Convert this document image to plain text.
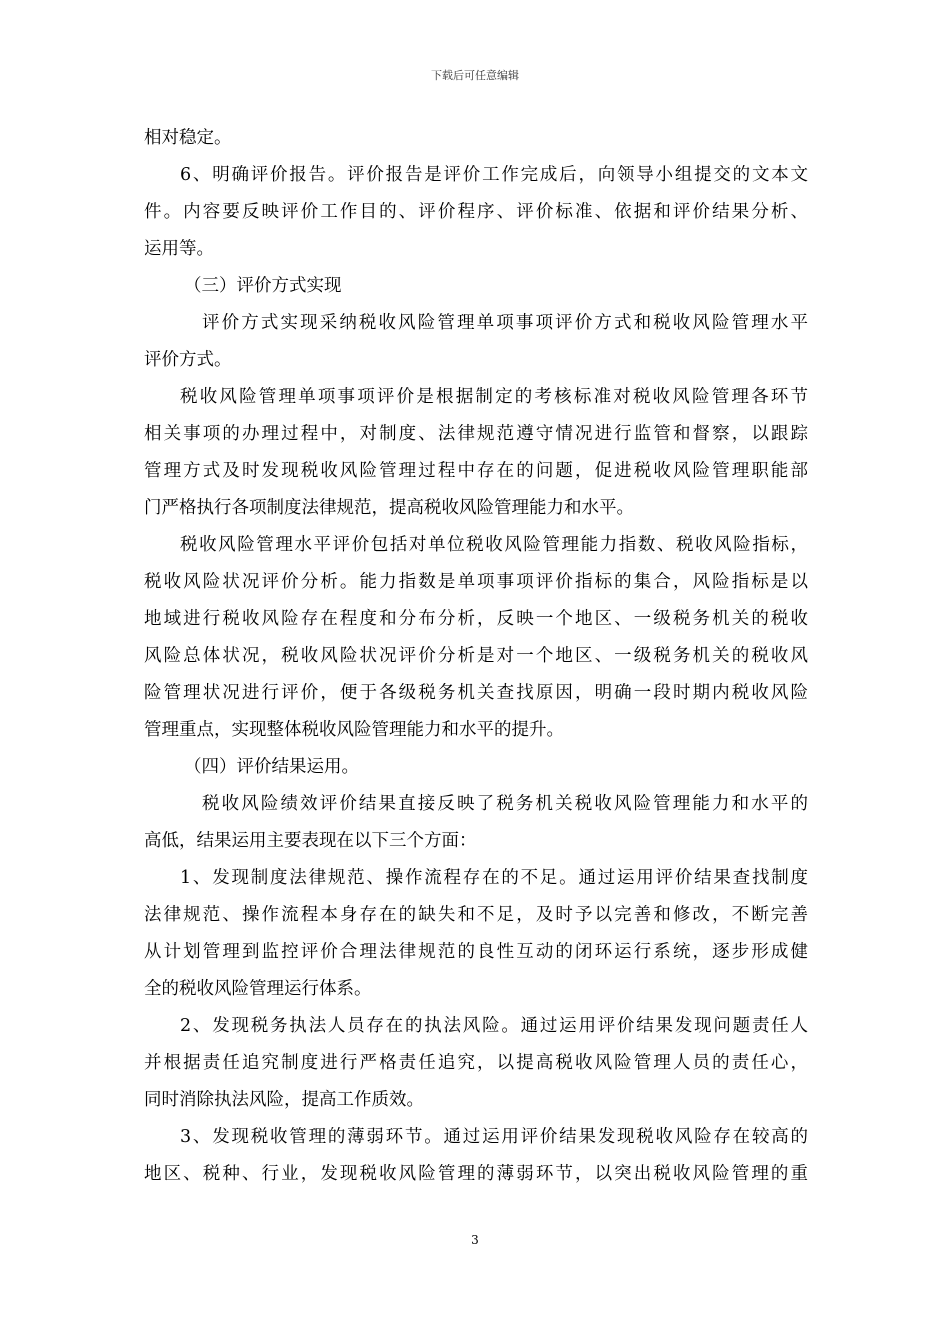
下载后可任意编辑
相对稳定。
6、明确评价报告。评价报告是评价工作完成后，向领导小组提交的文本文
件。内容要反映评价工作目的、评价程序、评价标准、依据和评价结果分析、
运用等。
（三）评价方式实现
评价方式实现采纳税收风险管理单项事项评价方式和税收风险管理水平
评价方式。
税收风险管理单项事项评价是根据制定的考核标准对税收风险管理各环节
相关事项的办理过程中，对制度、法律规范遵守情况进行监管和督察，以跟踪
管理方式及时发现税收风险管理过程中存在的问题，促进税收风险管理职能部
门严格执行各项制度法律规范，提高税收风险管理能力和水平。
税收风险管理水平评价包括对单位税收风险管理能力指数、税收风险指标，
税收风险状况评价分析。能力指数是单项事项评价指标的集合，风险指标是以
地域进行税收风险存在程度和分布分析，反映一个地区、一级税务机关的税收
风险总体状况，税收风险状况评价分析是对一个地区、一级税务机关的税收风
险管理状况进行评价，便于各级税务机关查找原因，明确一段时期内税收风险
管理重点，实现整体税收风险管理能力和水平的提升。
（四）评价结果运用。
税收风险绩效评价结果直接反映了税务机关税收风险管理能力和水平的
高低，结果运用主要表现在以下三个方面：
1、发现制度法律规范、操作流程存在的不足。通过运用评价结果查找制度
法律规范、操作流程本身存在的缺失和不足，及时予以完善和修改，不断完善
从计划管理到监控评价合理法律规范的良性互动的闭环运行系统，逐步形成健
全的税收风险管理运行体系。
2、发现税务执法人员存在的执法风险。通过运用评价结果发现问题责任人
并根据责任追究制度进行严格责任追究，以提高税收风险管理人员的责任心，
同时消除执法风险，提高工作质效。
3、发现税收管理的薄弱环节。通过运用评价结果发现税收风险存在较高的
地区、税种、行业，发现税收风险管理的薄弱环节，以突出税收风险管理的重
3
